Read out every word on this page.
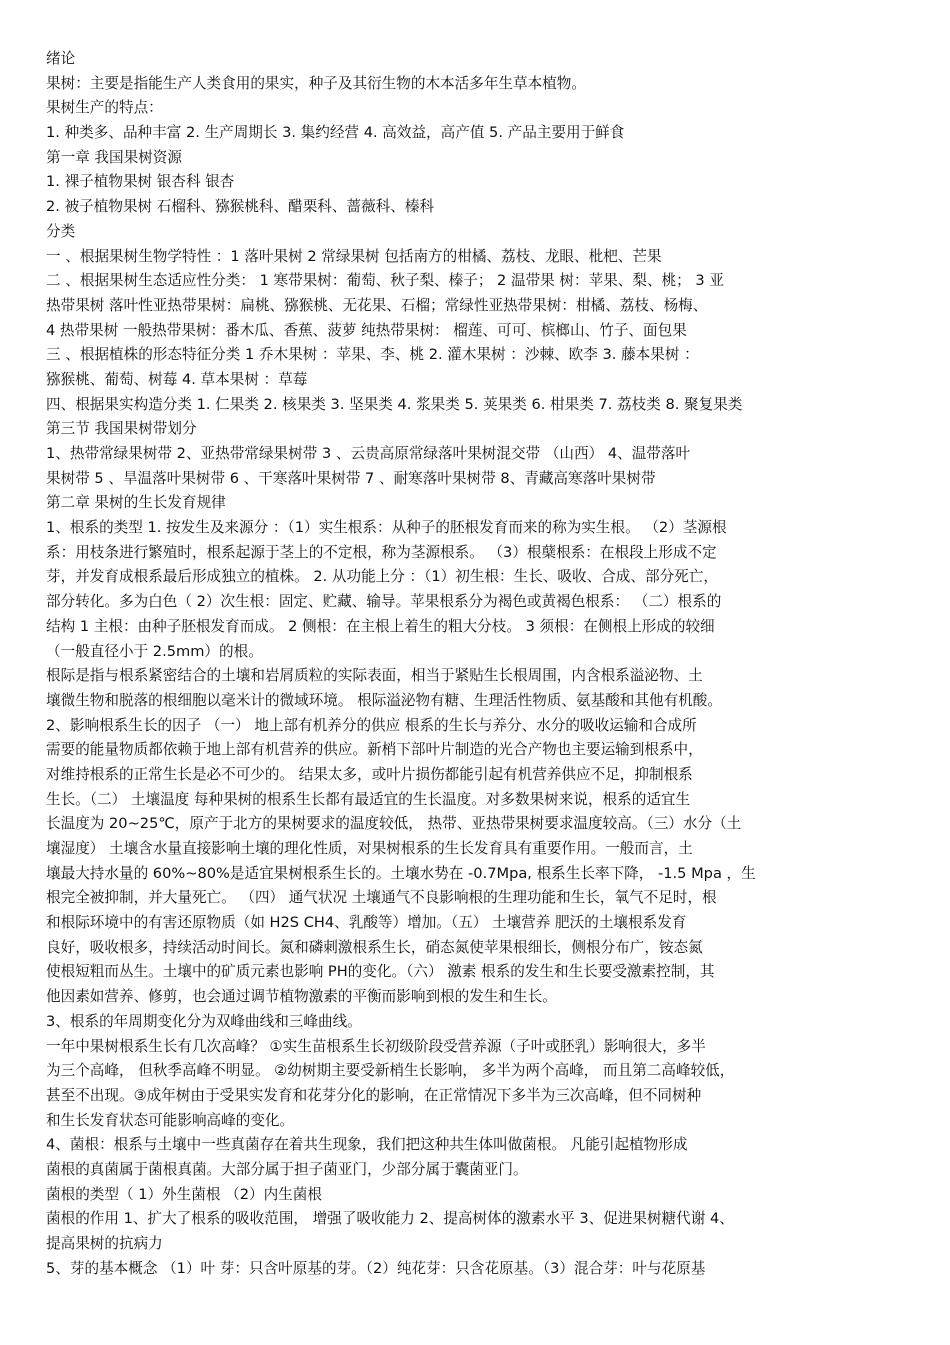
绪论
果树：主要是指能生产人类食用的果实，种子及其衍生物的木本活多年生草本植物。
果树生产的特点：
1. 种类多、品种丰富 2. 生产周期长 3. 集约经营 4. 高效益，高产值 5. 产品主要用于鲜食
第一章 我国果树资源
1. 裸子植物果树 银杏科 银杏
2. 被子植物果树 石榴科、猕猴桃科、醋栗科、蔷薇科、榛科
分类
一 、根据果树生物学特性 ：1 落叶果树 2 常绿果树 包括南方的柑橘、荔枝、龙眼、枇杷、芒果
二 、根据果树生态适应性分类： 1 寒带果树：葡萄、秋子梨、榛子； 2 温带果 树：苹果、梨、桃； 3 亚
热带果树 落叶性亚热带果树：扁桃、猕猴桃、无花果、石榴；常绿性亚热带果树：柑橘、荔枝、杨梅、
4 热带果树 一般热带果树：番木瓜、香蕉、菠萝 纯热带果树： 榴莲、可可、槟榔山、竹子、面包果
三 、根据植株的形态特征分类 1 乔木果树 ：苹果、李、桃 2. 灌木果树 ：沙棘、欧李 3. 藤本果树 ：
猕猴桃、葡萄、树莓 4. 草本果树 ：草莓
四、根据果实构造分类 1. 仁果类 2. 核果类 3. 坚果类 4. 浆果类 5. 荚果类 6. 柑果类 7. 荔枝类 8. 聚复果类
第三节 我国果树带划分
1、热带常绿果树带 2、亚热带常绿果树带 3 、云贵高原常绿落叶果树混交带 （山西） 4、温带落叶
果树带 5 、旱温落叶果树带 6 、干寒落叶果树带 7 、耐寒落叶果树带 8、青藏高寒落叶果树带
第二章 果树的生长发育规律
1、根系的类型 1. 按发生及来源分 ：（1）实生根系：从种子的胚根发育而来的称为实生根。 （2）茎源根
系：用枝条进行繁殖时，根系起源于茎上的不定根，称为茎源根系。 （3）根蘖根系：在根段上形成不定
芽，并发育成根系最后形成独立的植株。 2. 从功能上分 ：（1）初生根：生长、吸收、合成、部分死亡，
部分转化。多为白色（ 2）次生根：固定、贮藏、输导。苹果根系分为褐色或黄褐色根系： （二）根系的
结构 1 主根：由种子胚根发育而成。 2 侧根：在主根上着生的粗大分枝。 3 须根：在侧根上形成的较细
（一般直径小于 2.5mm）的根。
根际是指与根系紧密结合的土壤和岩屑质粒的实际表面，相当于紧贴生长根周围，内含根系溢泌物、土
壤微生物和脱落的根细胞以毫米计的微域环境。 根际溢泌物有糖、生理活性物质、氨基酸和其他有机酸。
2、影响根系生长的因子 （一） 地上部有机养分的供应 根系的生长与养分、水分的吸收运输和合成所
需要的能量物质都依赖于地上部有机营养的供应。新梢下部叶片制造的光合产物也主要运输到根系中，
对维持根系的正常生长是必不可少的。 结果太多，或叶片损伤都能引起有机营养供应不足，抑制根系
生长。（二） 土壤温度 每种果树的根系生长都有最适宜的生长温度。对多数果树来说，根系的适宜生
长温度为 20~25℃，原产于北方的果树要求的温度较低， 热带、亚热带果树要求温度较高。（三）水分（土
壤湿度） 土壤含水量直接影响土壤的理化性质，对果树根系的生长发育具有重要作用。一般而言，土
壤最大持水量的 60%~80%是适宜果树根系生长的。土壤水势在 -0.7Mpa, 根系生长率下降， -1.5 Mpa ，生
根完全被抑制，并大量死亡。 （四） 通气状况 土壤通气不良影响根的生理功能和生长，氧气不足时，根
和根际环境中的有害还原物质（如 H2S CH4、乳酸等）增加。（五） 土壤营养 肥沃的土壤根系发育
良好，吸收根多，持续活动时间长。氮和磷刺激根系生长，硝态氮使苹果根细长，侧根分布广，铵态氮
使根短粗而丛生。土壤中的矿质元素也影响 PH的变化。（六） 激素 根系的发生和生长要受激素控制，其
他因素如营养、修剪，也会通过调节植物激素的平衡而影响到根的发生和生长。
3、根系的年周期变化分为双峰曲线和三峰曲线。
一年中果树根系生长有几次高峰？ ①实生苗根系生长初级阶段受营养源（子叶或胚乳）影响很大，多半
为三个高峰， 但秋季高峰不明显。 ②幼树期主要受新梢生长影响， 多半为两个高峰， 而且第二高峰较低，
甚至不出现。③成年树由于受果实发育和花芽分化的影响，在正常情况下多半为三次高峰，但不同树种
和生长发育状态可能影响高峰的变化。
4、菌根：根系与土壤中一些真菌存在着共生现象，我们把这种共生体叫做菌根。 凡能引起植物形成
菌根的真菌属于菌根真菌。大部分属于担子菌亚门，少部分属于囊菌亚门。
菌根的类型（ 1）外生菌根 （2）内生菌根
菌根的作用 1、扩大了根系的吸收范围， 增强了吸收能力 2、提高树体的激素水平 3、促进果树糖代谢 4、
提高果树的抗病力
5、芽的基本概念 （1）叶 芽：只含叶原基的芽。（2）纯花芽：只含花原基。（3）混合芽：叶与花原基
